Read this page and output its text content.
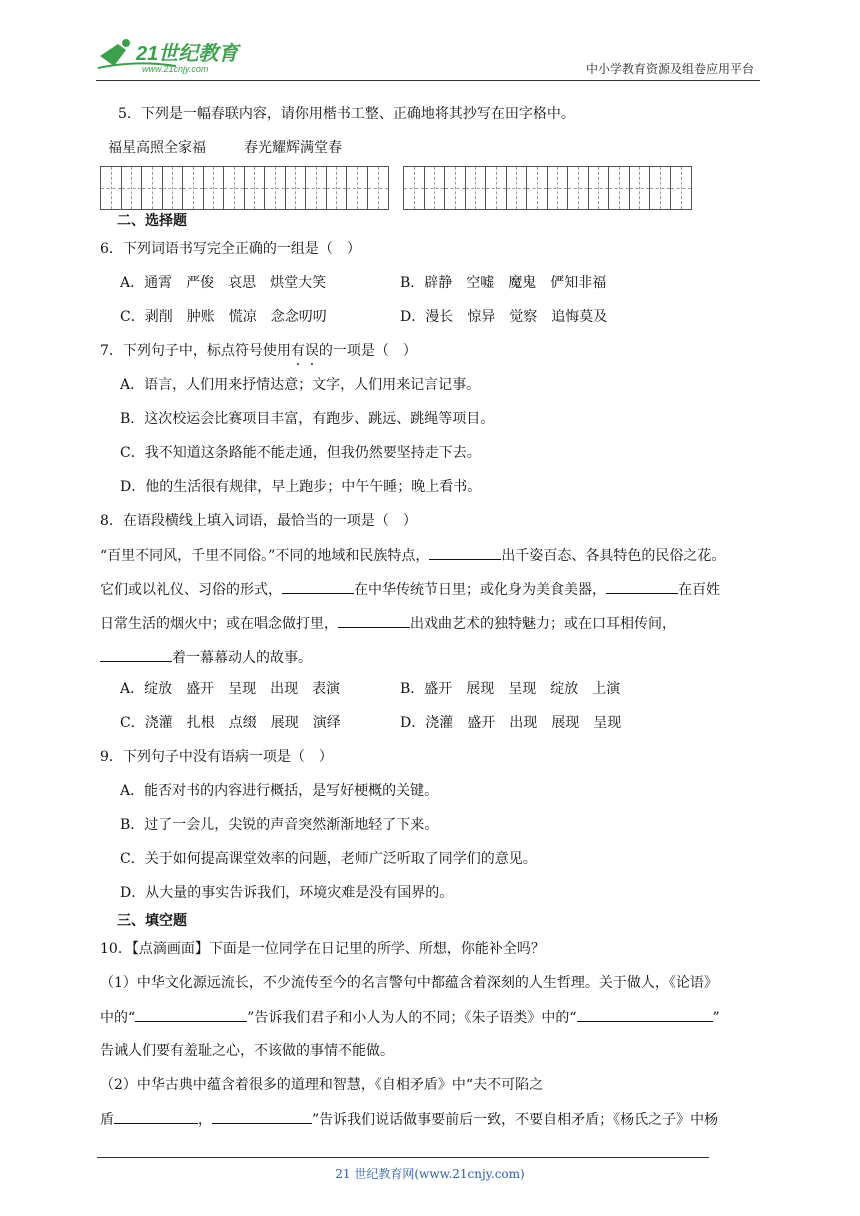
21世纪教育
www.21cnjy.com	中小学教育资源及组卷应用平台
5．下列是一幅春联内容，请你用楷书工整、正确地将其抄写在田字格中。
福星高照全家福	春光耀辉满堂春
二、选择题
6．下列词语书写完全正确的一组是（　）
A．通霄　严俊　哀思　烘堂大笑	B．辟静　空嘘　魔鬼　俨知非福
C．剥削　肿账　慌凉　念念叨叨	D．漫长　惊异　觉察　追悔莫及
7．下列句子中，标点符号使用有误的一项是（　）
A．语言，人们用来抒情达意；文字，人们用来记言记事。
B．这次校运会比赛项目丰富，有跑步、跳远、跳绳等项目。
C．我不知道这条路能不能走通，但我仍然要坚持走下去。
D．他的生活很有规律，早上跑步；中午午睡；晚上看书。
8．在语段横线上填入词语，最恰当的一项是（　）
“百里不同风，千里不同俗。”不同的地域和民族特点，	出千姿百态、各具特色的民俗之花。
它们或以礼仪、习俗的形式，	在中华传统节日里；或化身为美食美器，	在百姓
日常生活的烟火中；或在唱念做打里，	出戏曲艺术的独特魅力；或在口耳相传间，
着一幕幕动人的故事。
A．绽放　盛开　呈现　出现　表演	B．盛开　展现　呈现　绽放　上演
C．浇灌　扎根　点缀　展现　演绎	D．浇灌　盛开　出现　展现　呈现
9．下列句子中没有语病一项是（　）
A．能否对书的内容进行概括，是写好梗概的关键。
B．过了一会儿，尖锐的声音突然渐渐地轻了下来。
C．关于如何提高课堂效率的问题，老师广泛听取了同学们的意见。
D．从大量的事实告诉我们，环境灾难是没有国界的。
三、填空题
10．【点滴画面】下面是一位同学在日记里的所学、所想，你能补全吗？
（1）中华文化源远流长，不少流传至今的名言警句中都蕴含着深刻的人生哲理。关于做人，《论语》
中的“	”告诉我们君子和小人为人的不同；《朱子语类》中的“	”
告诫人们要有羞耻之心，不该做的事情不能做。
（2）中华古典中蕴含着很多的道理和智慧，《自相矛盾》中“夫不可陷之
盾	，	”告诉我们说话做事要前后一致，不要自相矛盾；《杨氏之子》中杨
21 世纪教育网(www.21cnjy.com)
